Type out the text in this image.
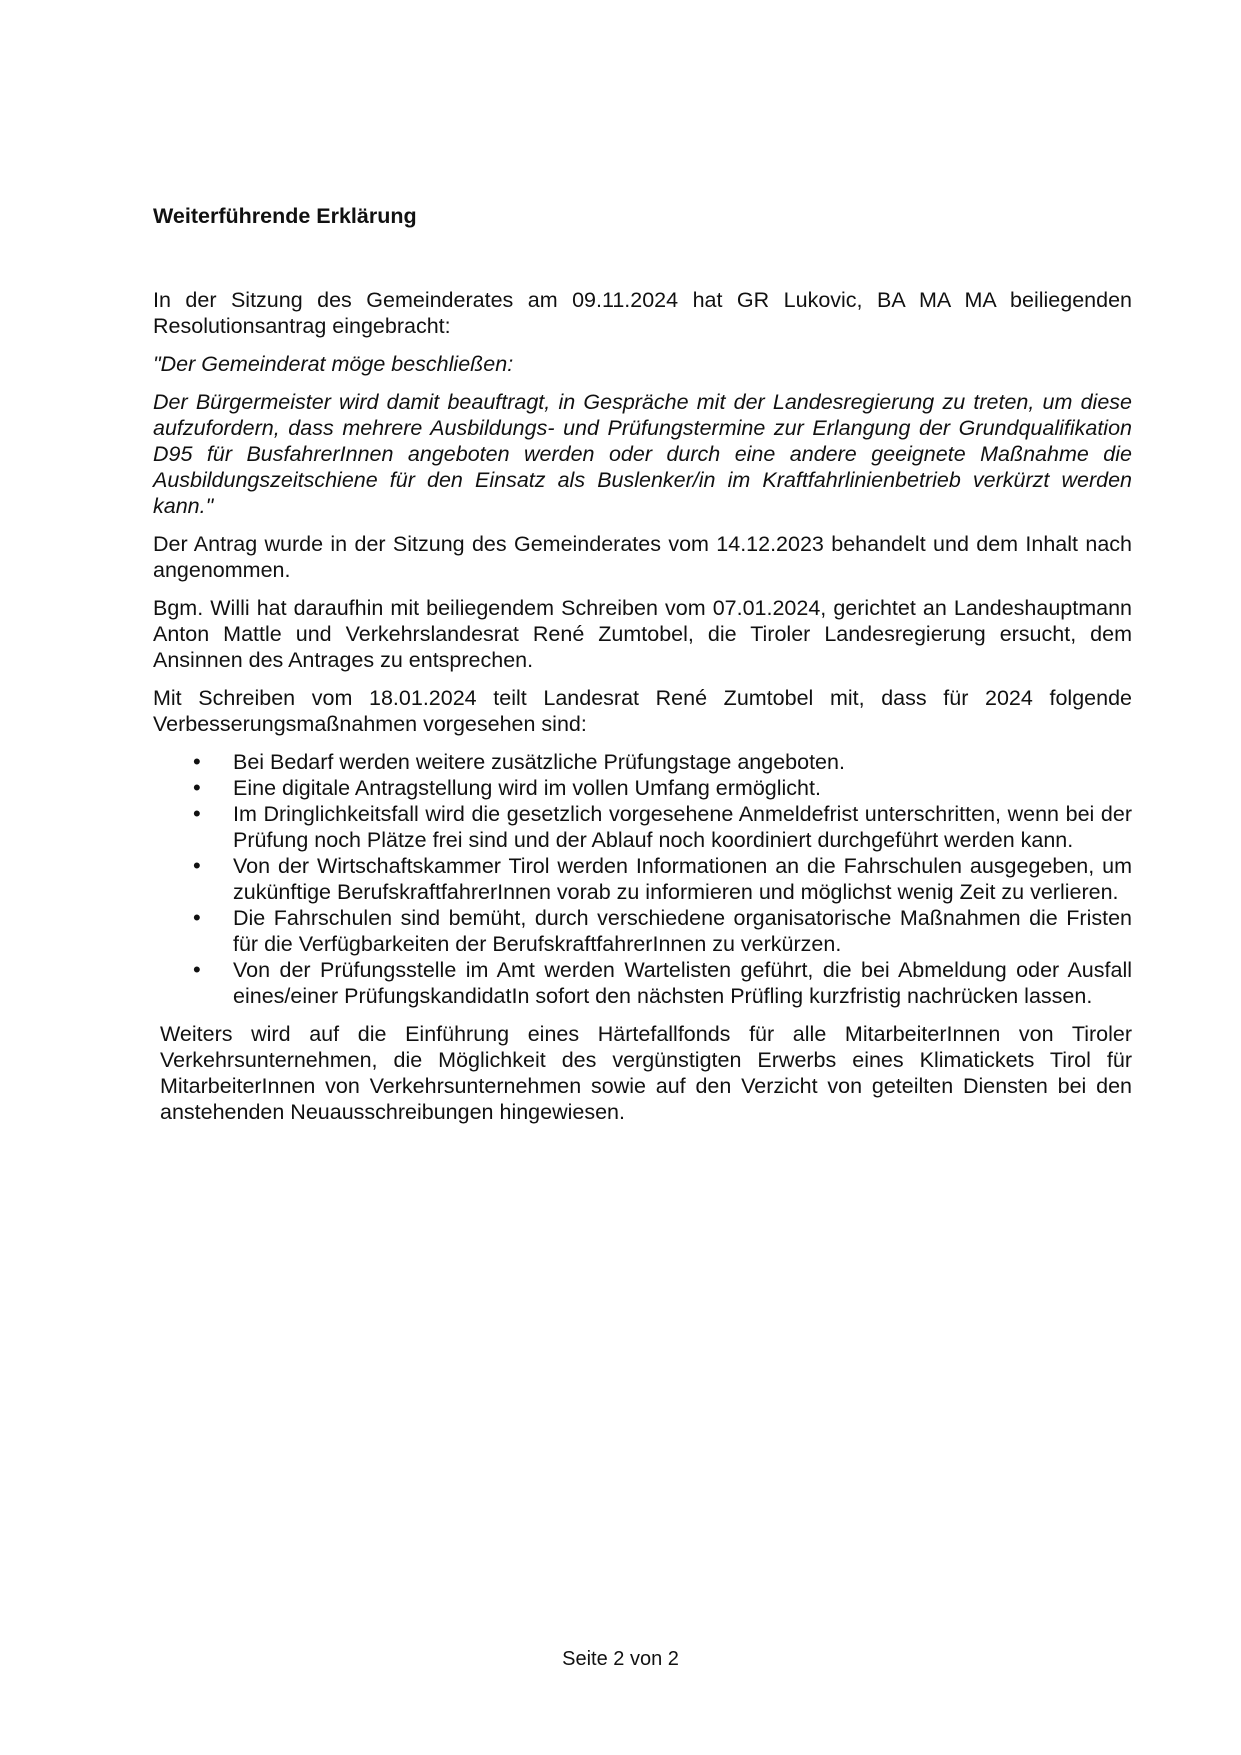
Weiterführende Erklärung

In der Sitzung des Gemeinderates am 09.11.2024 hat GR Lukovic, BA MA MA beiliegenden Resolutionsantrag eingebracht:

"Der Gemeinderat möge beschließen:

Der Bürgermeister wird damit beauftragt, in Gespräche mit der Landesregierung zu treten, um diese aufzufordern, dass mehrere Ausbildungs- und Prüfungstermine zur Erlangung der Grundqualifikation D95 für BusfahrerInnen angeboten werden oder durch eine andere geeignete Maßnahme die Ausbildungszeitschiene für den Einsatz als Buslenker/in im Kraftfahrlinienbetrieb verkürzt werden kann."

Der Antrag wurde in der Sitzung des Gemeinderates vom 14.12.2023 behandelt und dem Inhalt nach angenommen.

Bgm. Willi hat daraufhin mit beiliegendem Schreiben vom 07.01.2024, gerichtet an Landeshauptmann Anton Mattle und Verkehrslandesrat René Zumtobel, die Tiroler Landesregierung ersucht, dem Ansinnen des Antrages zu entsprechen.

Mit Schreiben vom 18.01.2024 teilt Landesrat René Zumtobel mit, dass für 2024 folgende Verbesserungsmaßnahmen vorgesehen sind:

• Bei Bedarf werden weitere zusätzliche Prüfungstage angeboten.
• Eine digitale Antragstellung wird im vollen Umfang ermöglicht.
• Im Dringlichkeitsfall wird die gesetzlich vorgesehene Anmeldefrist unterschritten, wenn bei der Prüfung noch Plätze frei sind und der Ablauf noch koordiniert durchgeführt werden kann.
• Von der Wirtschaftskammer Tirol werden Informationen an die Fahrschulen ausgegeben, um zukünftige BerufskraftfahrerInnen vorab zu informieren und möglichst wenig Zeit zu verlieren.
• Die Fahrschulen sind bemüht, durch verschiedene organisatorische Maßnahmen die Fristen für die Verfügbarkeiten der BerufskraftfahrerInnen zu verkürzen.
• Von der Prüfungsstelle im Amt werden Wartelisten geführt, die bei Abmeldung oder Ausfall eines/einer PrüfungskandidatIn sofort den nächsten Prüfling kurzfristig nachrücken lassen.

Weiters wird auf die Einführung eines Härtefallfonds für alle MitarbeiterInnen von Tiroler Verkehrsunternehmen, die Möglichkeit des vergünstigten Erwerbs eines Klimatickets Tirol für MitarbeiterInnen von Verkehrsunternehmen sowie auf den Verzicht von geteilten Diensten bei den anstehenden Neuausschreibungen hingewiesen.

Seite 2 von 2
